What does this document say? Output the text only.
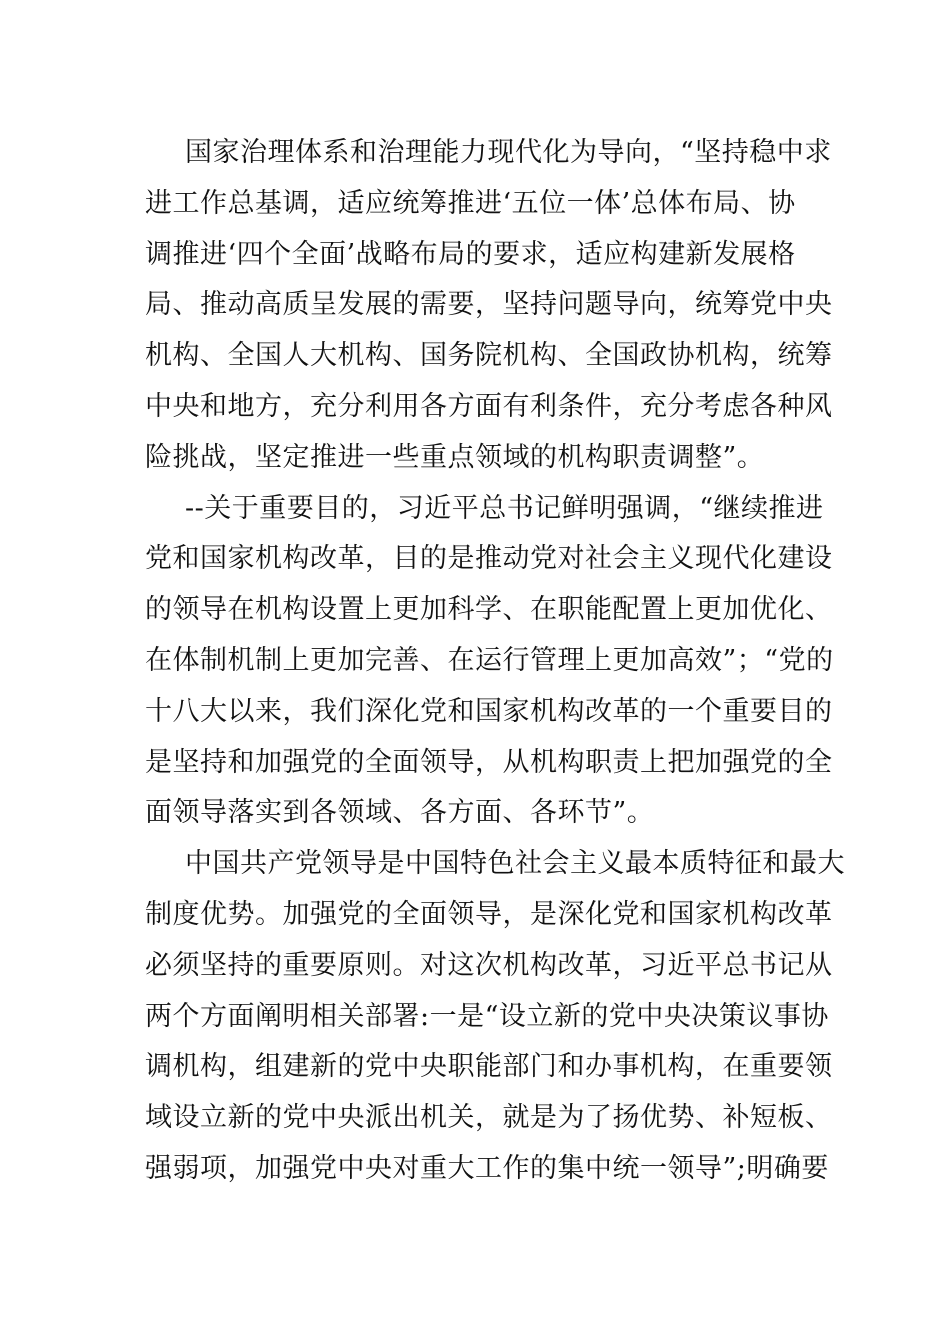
国家治理体系和治理能力现代化为导向，“坚持稳中求
进工作总基调，适应统筹推进‘五位一体’总体布局、协
调推进‘四个全面’战略布局的要求，适应构建新发展格
局、推动高质呈发展的需要，坚持问题导向，统筹党中央
机构、全国人大机构、国务院机构、全国政协机构，统筹
中央和地方，充分利用各方面有利条件，充分考虑各种风
险挑战，坚定推进一些重点领域的机构职责调整”。
--关于重要目的，习近平总书记鲜明强调，“继续推进
党和国家机构改革，目的是推动党对社会主义现代化建设
的领导在机构设置上更加科学、在职能配置上更加优化、
在体制机制上更加完善、在运行管理上更加高效”；“党的
十八大以来，我们深化党和国家机构改革的一个重要目的
是坚持和加强党的全面领导，从机构职责上把加强党的全
面领导落实到各领域、各方面、各环节”。
中国共产党领导是中国特色社会主义最本质特征和最大
制度优势。加强党的全面领导，是深化党和国家机构改革
必须坚持的重要原则。对这次机构改革，习近平总书记从
两个方面阐明相关部署:一是“设立新的党中央决策议事协
调机构，组建新的党中央职能部门和办事机构，在重要领
域设立新的党中央派出机关，就是为了扬优势、补短板、
强弱项，加强党中央对重大工作的集中统一领导”;明确要
